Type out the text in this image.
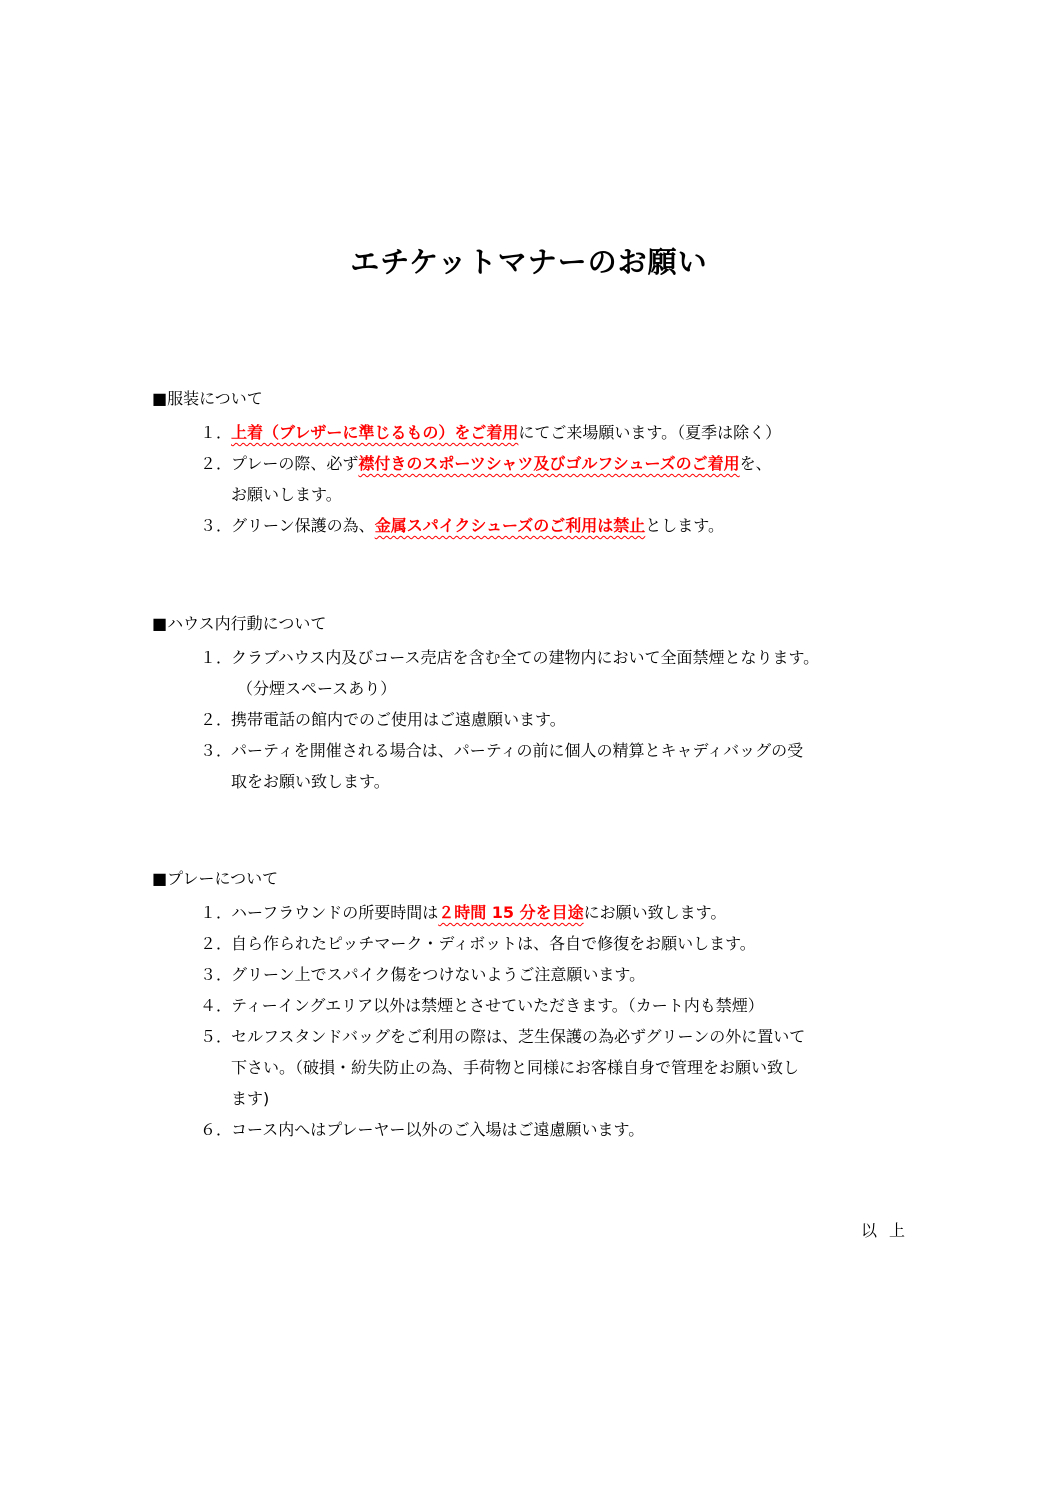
エチケットマナーのお願い
■服装について
１．
上着（ブレザーに準じるもの）をご着用にてご来場願います。（夏季は除く）
２．
プレーの際、必ず襟付きのスポーツシャツ及びゴルフシューズのご着用を、
お願いします。
３．
グリーン保護の為、金属スパイクシューズのご利用は禁止とします。
■ハウス内行動について
１．
クラブハウス内及びコース売店を含む全ての建物内において全面禁煙となります。
（分煙スペースあり）
２．
携帯電話の館内でのご使用はご遠慮願います。
３．
パーティを開催される場合は、パーティの前に個人の精算とキャディバッグの受
取をお願い致します。
■プレーについて
１．
ハーフラウンドの所要時間は２時間 15 分を目途にお願い致します。
２．
自ら作られたピッチマーク・ディボットは、各自で修復をお願いします。
３．
グリーン上でスパイク傷をつけないようご注意願います。
４．
ティーイングエリア以外は禁煙とさせていただきます。（カート内も禁煙）
５．
セルフスタンドバッグをご利用の際は、芝生保護の為必ずグリーンの外に置いて
下さい。（破損・紛失防止の為、手荷物と同様にお客様自身で管理をお願い致し
ます)
６．
コース内へはプレーヤー以外のご入場はご遠慮願います。
以上
